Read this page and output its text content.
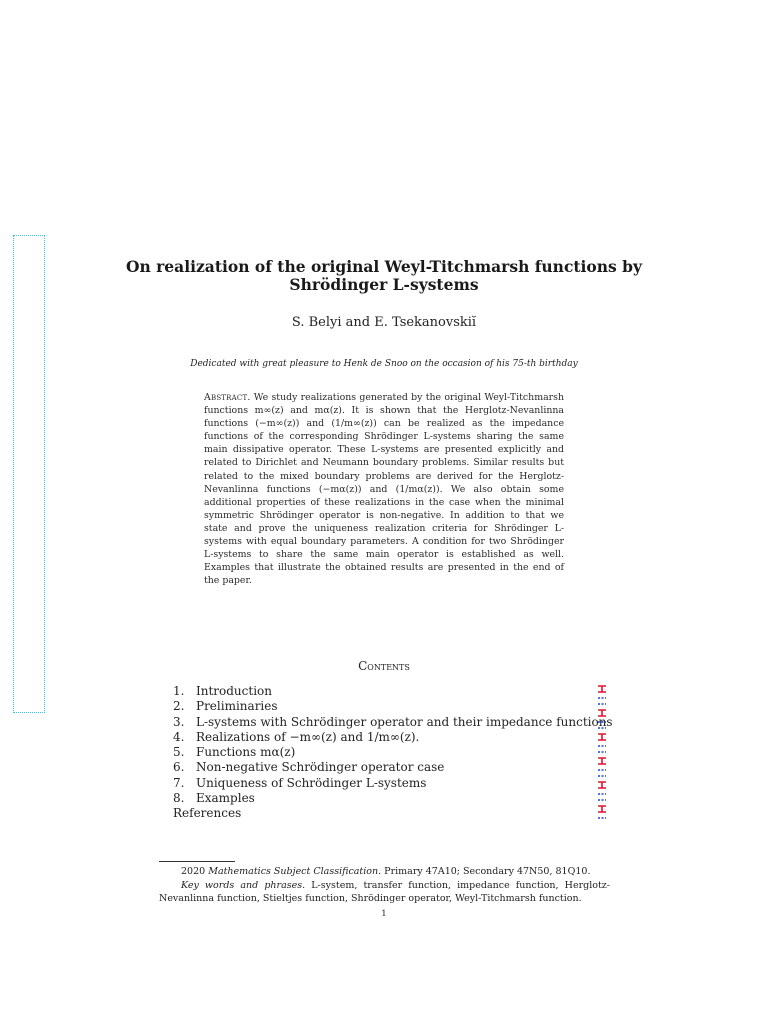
On realization of the original Weyl-Titchmarsh functions by
Shrödinger L-systems
S. Belyi and E. Tsekanovskiĭ
Dedicated with great pleasure to Henk de Snoo on the occasion of his 75-th birthday
Abstract. We study realizations generated by the original Weyl-Titchmarsh functions m∞(z) and mα(z). It is shown that the Herglotz-Nevanlinna functions (−m∞(z)) and (1/m∞(z)) can be realized as the impedance functions of the corresponding Shrödinger L-systems sharing the same main dissipative operator. These L-systems are presented explicitly and related to Dirichlet and Neumann boundary problems. Similar results but related to the mixed boundary problems are derived for the Herglotz-Nevanlinna functions (−mα(z)) and (1/mα(z)). We also obtain some additional properties of these realizations in the case when the minimal symmetric Shrödinger operator is non-negative. In addition to that we state and prove the uniqueness realization criteria for Shrödinger L-systems with equal boundary parameters. A condition for two Shrödinger L-systems to share the same main operator is established as well. Examples that illustrate the obtained results are presented in the end of the paper.
Contents
1. Introduction
2. Preliminaries
3. L-systems with Schrödinger operator and their impedance functions
4. Realizations of −m∞(z) and 1/m∞(z).
5. Functions mα(z)
6. Non-negative Schrödinger operator case
7. Uniqueness of Schrödinger L-systems
8. Examples
References
2020 Mathematics Subject Classification. Primary 47A10; Secondary 47N50, 81Q10.
Key words and phrases. L-system, transfer function, impedance function, Herglotz-Nevanlinna function, Stieltjes function, Shrödinger operator, Weyl-Titchmarsh function.
1
